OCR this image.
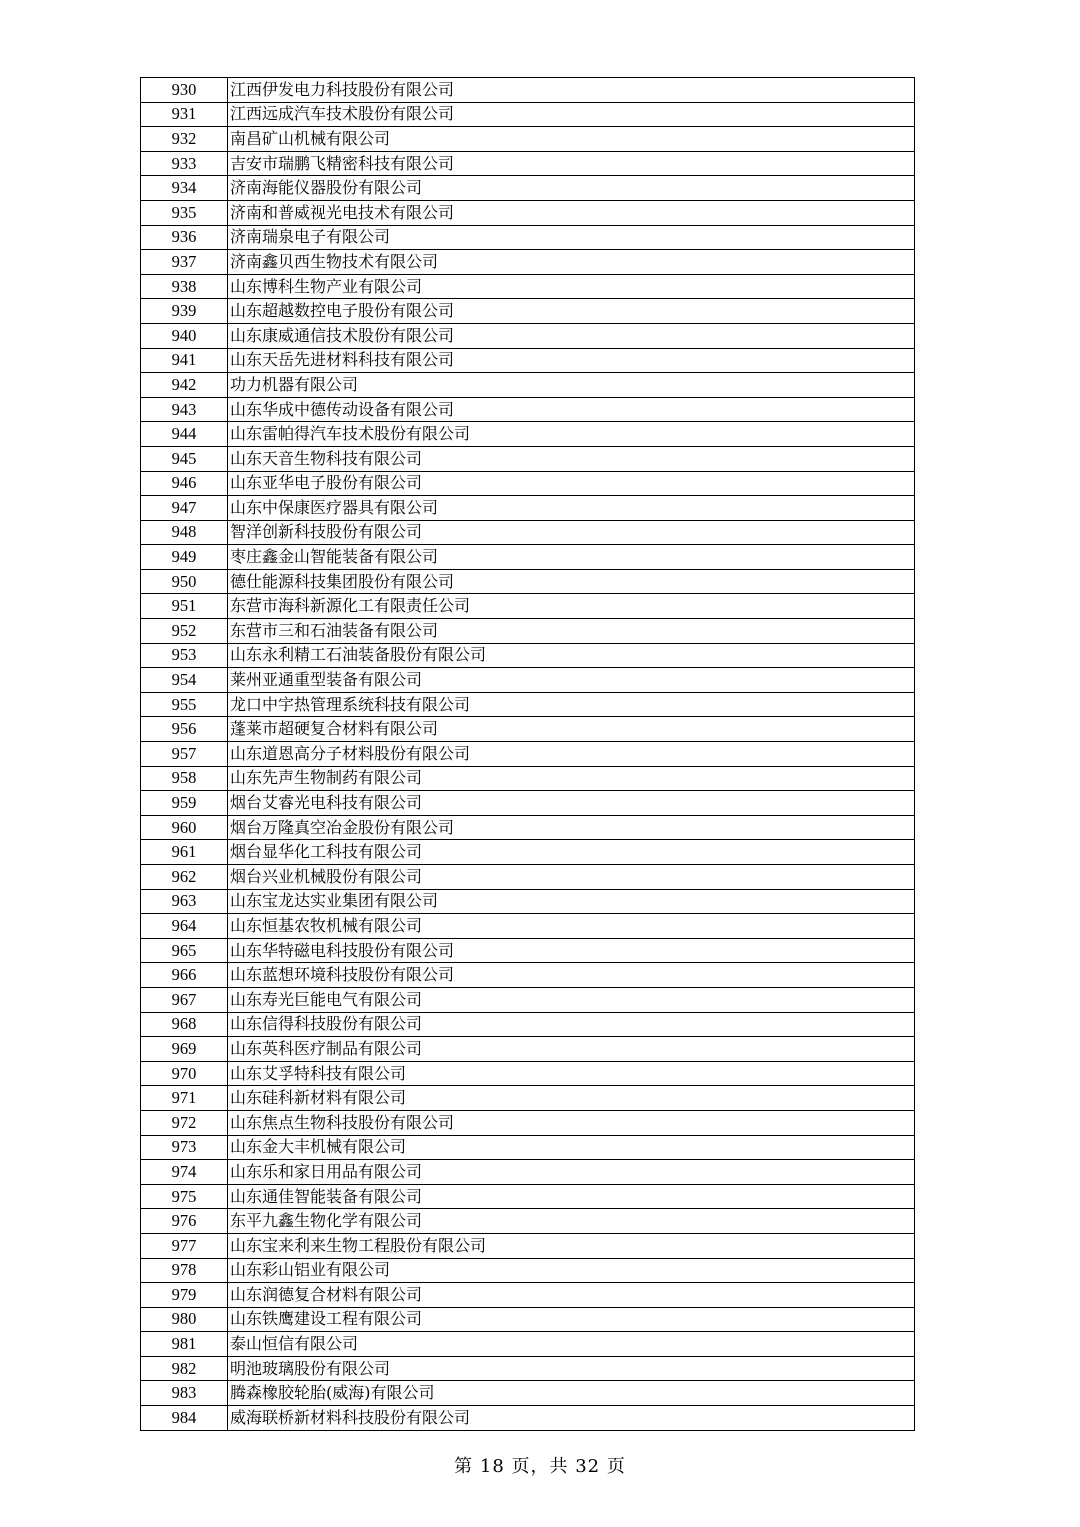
930	江西伊发电力科技股份有限公司
931	江西远成汽车技术股份有限公司
932	南昌矿山机械有限公司
933	吉安市瑞鹏飞精密科技有限公司
934	济南海能仪器股份有限公司
935	济南和普威视光电技术有限公司
936	济南瑞泉电子有限公司
937	济南鑫贝西生物技术有限公司
938	山东博科生物产业有限公司
939	山东超越数控电子股份有限公司
940	山东康威通信技术股份有限公司
941	山东天岳先进材料科技有限公司
942	功力机器有限公司
943	山东华成中德传动设备有限公司
944	山东雷帕得汽车技术股份有限公司
945	山东天音生物科技有限公司
946	山东亚华电子股份有限公司
947	山东中保康医疗器具有限公司
948	智洋创新科技股份有限公司
949	枣庄鑫金山智能装备有限公司
950	德仕能源科技集团股份有限公司
951	东营市海科新源化工有限责任公司
952	东营市三和石油装备有限公司
953	山东永利精工石油装备股份有限公司
954	莱州亚通重型装备有限公司
955	龙口中宇热管理系统科技有限公司
956	蓬莱市超硬复合材料有限公司
957	山东道恩高分子材料股份有限公司
958	山东先声生物制药有限公司
959	烟台艾睿光电科技有限公司
960	烟台万隆真空冶金股份有限公司
961	烟台显华化工科技有限公司
962	烟台兴业机械股份有限公司
963	山东宝龙达实业集团有限公司
964	山东恒基农牧机械有限公司
965	山东华特磁电科技股份有限公司
966	山东蓝想环境科技股份有限公司
967	山东寿光巨能电气有限公司
968	山东信得科技股份有限公司
969	山东英科医疗制品有限公司
970	山东艾孚特科技有限公司
971	山东硅科新材料有限公司
972	山东焦点生物科技股份有限公司
973	山东金大丰机械有限公司
974	山东乐和家日用品有限公司
975	山东通佳智能装备有限公司
976	东平九鑫生物化学有限公司
977	山东宝来利来生物工程股份有限公司
978	山东彩山铝业有限公司
979	山东润德复合材料有限公司
980	山东铁鹰建设工程有限公司
981	泰山恒信有限公司
982	明池玻璃股份有限公司
983	腾森橡胶轮胎(威海)有限公司
984	威海联桥新材料科技股份有限公司
第 18 页，共 32 页
